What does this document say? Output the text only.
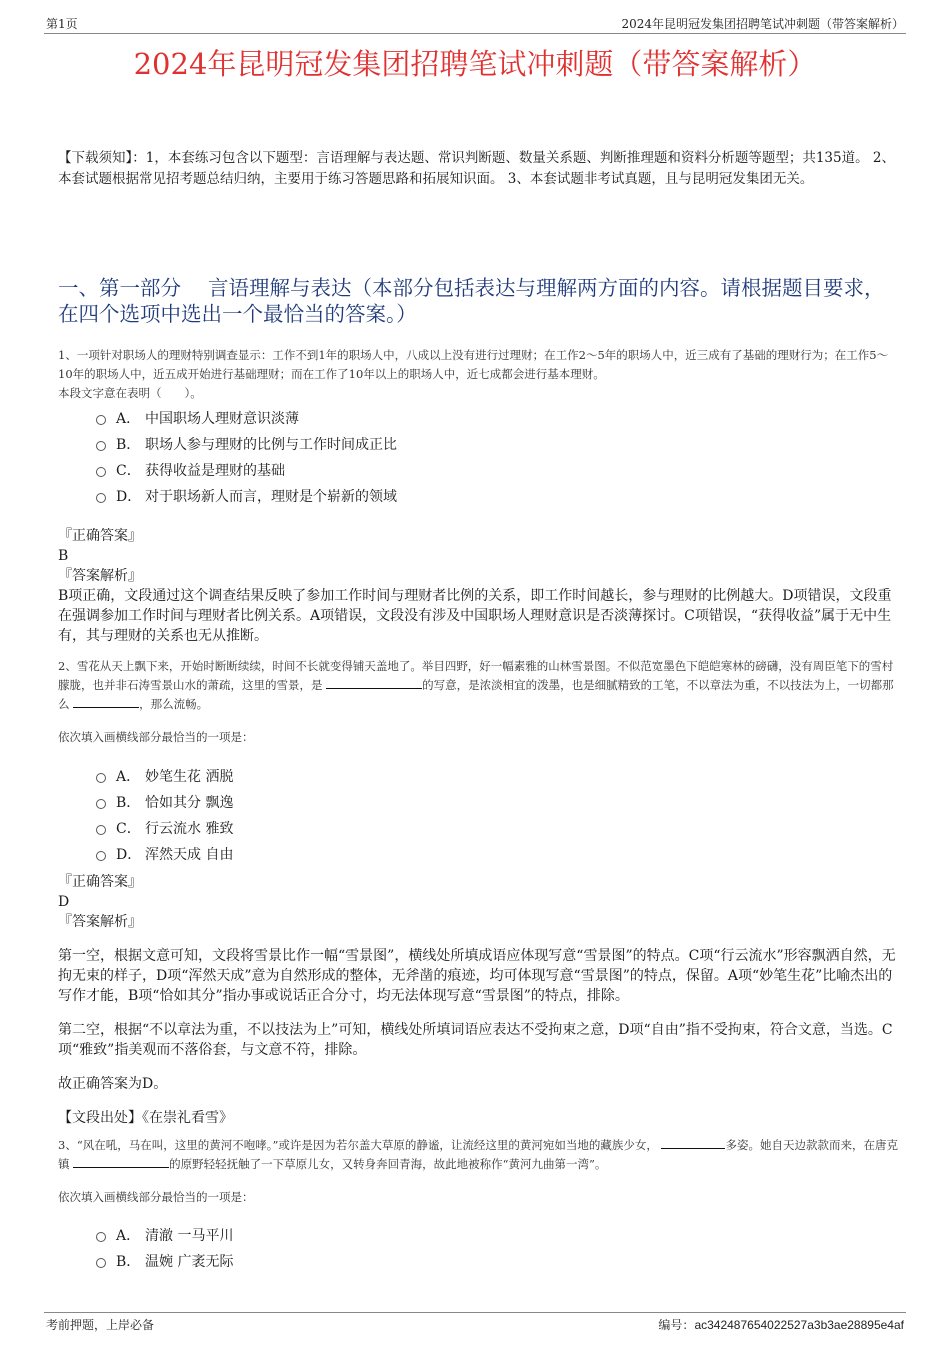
第1页	2024年昆明冠发集团招聘笔试冲刺题（带答案解析）
2024年昆明冠发集团招聘笔试冲刺题（带答案解析）
【下载须知】：1，本套练习包含以下题型：言语理解与表达题、常识判断题、数量关系题、判断推理题和资料分析题等题型；共135道。 2、本套试题根据常见招考题总结归纳，主要用于练习答题思路和拓展知识面。 3、本套试题非考试真题，且与昆明冠发集团无关。
一、第一部分　 言语理解与表达（本部分包括表达与理解两方面的内容。请根据题目要求，在四个选项中选出一个最恰当的答案。）
1、一项针对职场人的理财特别调查显示：工作不到1年的职场人中，八成以上没有进行过理财；在工作2～5年的职场人中，近三成有了基础的理财行为；在工作5～10年的职场人中，近五成开始进行基础理财；而在工作了10年以上的职场人中，近七成都会进行基本理财。
本段文字意在表明（　　）。
A． 中国职场人理财意识淡薄
B． 职场人参与理财的比例与工作时间成正比
C． 获得收益是理财的基础
D． 对于职场新人而言，理财是个崭新的领域
『正确答案』
B
『答案解析』
B项正确，文段通过这个调查结果反映了参加工作时间与理财者比例的关系，即工作时间越长，参与理财的比例越大。D项错误，文段重在强调参加工作时间与理财者比例关系。A项错误，文段没有涉及中国职场人理财意识是否淡薄探讨。C项错误，“获得收益”属于无中生有，其与理财的关系也无从推断。
2、雪花从天上飘下来，开始时断断续续，时间不长就变得铺天盖地了。举目四野，好一幅素雅的山林雪景图。不似范宽墨色下皑皑寒林的磅礴，没有周臣笔下的雪村朦胧，也并非石涛雪景山水的萧疏，这里的雪景，是	的写意，是浓淡相宜的泼墨，也是细腻精致的工笔，不以章法为重，不以技法为上，一切都那么	，那么流畅。
依次填入画横线部分最恰当的一项是：
A． 妙笔生花 洒脱
B． 恰如其分 飘逸
C． 行云流水 雅致
D． 浑然天成 自由
『正确答案』
D
『答案解析』
第一空，根据文意可知，文段将雪景比作一幅“雪景图”，横线处所填成语应体现写意“雪景图”的特点。C项“行云流水”形容飘洒自然，无拘无束的样子，D项“浑然天成”意为自然形成的整体，无斧凿的痕迹，均可体现写意“雪景图”的特点，保留。A项“妙笔生花”比喻杰出的写作才能，B项“恰如其分”指办事或说话正合分寸，均无法体现写意“雪景图”的特点，排除。
第二空，根据“不以章法为重，不以技法为上”可知，横线处所填词语应表达不受拘束之意，D项“自由”指不受拘束，符合文意，当选。C项“雅致”指美观而不落俗套，与文意不符，排除。
故正确答案为D。
【文段出处】《在崇礼看雪》
3、“风在吼，马在叫，这里的黄河不咆哮。”或许是因为若尔盖大草原的静谧，让流经这里的黄河宛如当地的藏族少女，	多姿。她自天边款款而来，在唐克镇	的原野轻轻抚触了一下草原儿女，又转身奔回青海，故此地被称作“黄河九曲第一湾”。
依次填入画横线部分最恰当的一项是：
A． 清澈 一马平川
B． 温婉 广袤无际
考前押题，上岸必备	编号：ac342487654022527a3b3ae28895e4af
